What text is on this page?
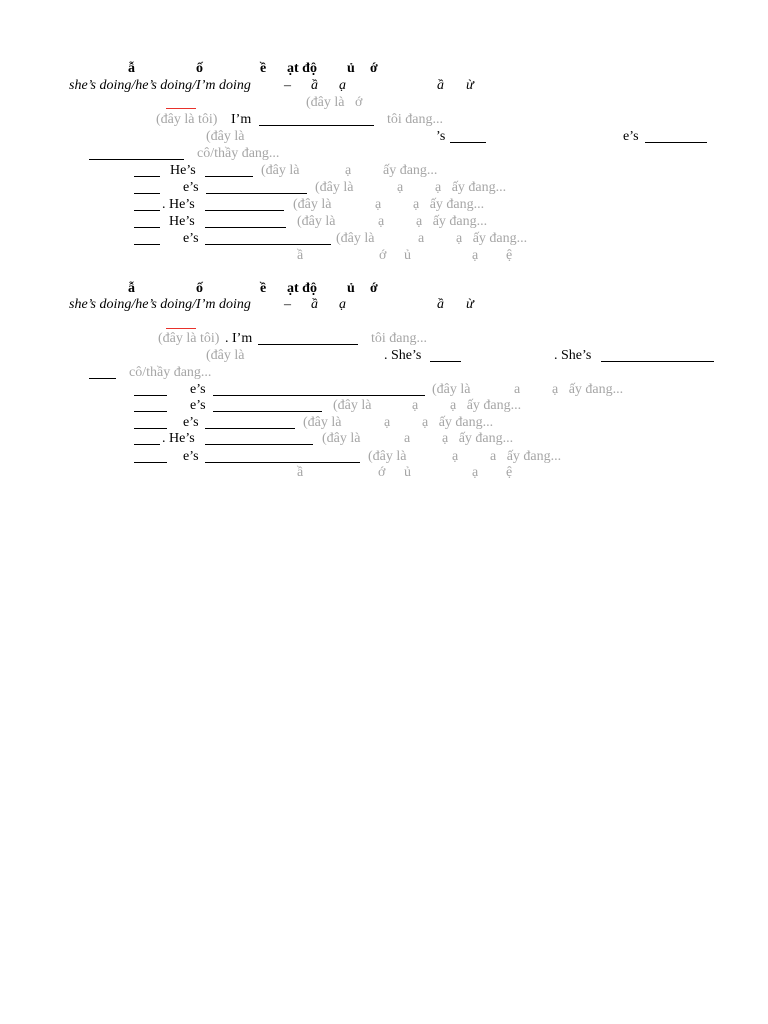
ẫ	ố	ề ạt độ ủ ớ
she’s doing/he’s doing/I’m doing – ầ ạ	ầ ừ
(đây là   ớ
(đây là tôi) I’m	tôi đang...
(đây là	’s	e’s
cô/thầy đang...
He’s	(đây là	ạ ấy đang...
e’s	(đây là	ạ ạ   ấy đang...
. He’s	(đây là	ạ ạ   ấy đang...
He’s	(đây là	ạ ạ   ấy đang...
e’s	(đây là	a ạ   ấy đang...
ầ	ớ ủ	ạ ệ
ẫ	ố	ề ạt độ ủ ớ
she’s doing/he’s doing/I’m doing – ầ ạ	ầ ừ
(đây là tôi) . I’m	tôi đang...
(đây là	. She’s	. She’s
cô/thầy đang...
e’s	(đây là	a ạ   ấy đang...
e’s	(đây là	ạ ạ   ấy đang...
e’s	(đây là	ạ ạ   ấy đang...
. He’s	(đây là	a ạ   ấy đang...
e’s	(đây là	ạ a   ấy đang...
ầ	ớ ủ	ạ ệ
